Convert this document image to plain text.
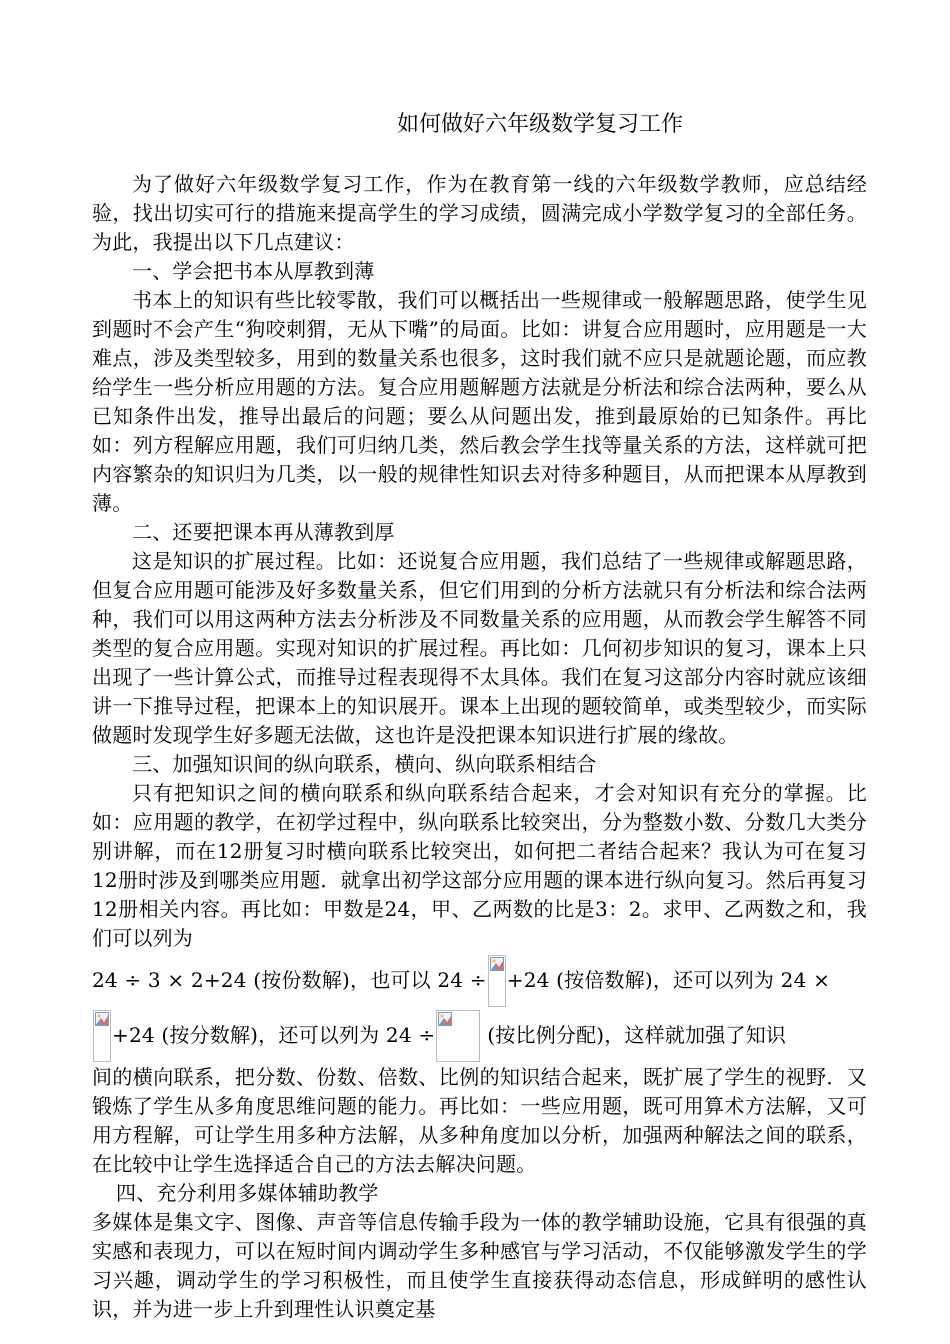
如何做好六年级数学复习工作

为了做好六年级数学复习工作，作为在教育第一线的六年级数学教师，应总结经验，找出切实可行的措施来提高学生的学习成绩，圆满完成小学数学复习的全部任务。为此，我提出以下几点建议：

一、学会把书本从厚教到薄

书本上的知识有些比较零散，我们可以概括出一些规律或一般解题思路，使学生见到题时不会产生“狗咬刺猬，无从下嘴”的局面。比如：讲复合应用题时，应用题是一大难点，涉及类型较多，用到的数量关系也很多，这时我们就不应只是就题论题，而应教给学生一些分析应用题的方法。复合应用题解题方法就是分析法和综合法两种，要么从已知条件出发，推导出最后的问题；要么从问题出发，推到最原始的已知条件。再比如：列方程解应用题，我们可归纳几类，然后教会学生找等量关系的方法，这样就可把内容繁杂的知识归为几类，以一般的规律性知识去对待多种题目，从而把课本从厚教到薄。

二、还要把课本再从薄教到厚

这是知识的扩展过程。比如：还说复合应用题，我们总结了一些规律或解题思路，但复合应用题可能涉及好多数量关系，但它们用到的分析方法就只有分析法和综合法两种，我们可以用这两种方法去分析涉及不同数量关系的应用题，从而教会学生解答不同类型的复合应用题。实现对知识的扩展过程。再比如：几何初步知识的复习，课本上只出现了一些计算公式，而推导过程表现得不太具体。我们在复习这部分内容时就应该细讲一下推导过程，把课本上的知识展开。课本上出现的题较简单，或类型较少，而实际做题时发现学生好多题无法做，这也许是没把课本知识进行扩展的缘故。

三、加强知识间的纵向联系，横向、纵向联系相结合

只有把知识之间的横向联系和纵向联系结合起来，才会对知识有充分的掌握。比如：应用题的教学，在初学过程中，纵向联系比较突出，分为整数小数、分数几大类分别讲解，而在12册复习时横向联系比较突出，如何把二者结合起来？我认为可在复习12册时涉及到哪类应用题．就拿出初学这部分应用题的课本进行纵向复习。然后再复习12册相关内容。再比如：甲数是24，甲、乙两数的比是3：2。求甲、乙两数之和，我们可以列为

24 ÷ 3 × 2+24 (按份数解)，也可以 24 ÷ +24 (按倍数解)，还可以列为 24 ×
+24 (按分数解)，还可以列为 24 ÷	(按比例分配)，这样就加强了知识

间的横向联系，把分数、份数、倍数、比例的知识结合起来，既扩展了学生的视野．又锻炼了学生从多角度思维问题的能力。再比如：一些应用题，既可用算术方法解，又可用方程解，可让学生用多种方法解，从多种角度加以分析，加强两种解法之间的联系，在比较中让学生选择适合自己的方法去解决问题。

四、充分利用多媒体辅助教学

多媒体是集文字、图像、声音等信息传输手段为一体的教学辅助设施，它具有很强的真实感和表现力，可以在短时间内调动学生多种感官与学习活动，不仅能够激发学生的学习兴趣，调动学生的学习积极性，而且使学生直接获得动态信息，形成鲜明的感性认识，并为进一步上升到理性认识奠定基
